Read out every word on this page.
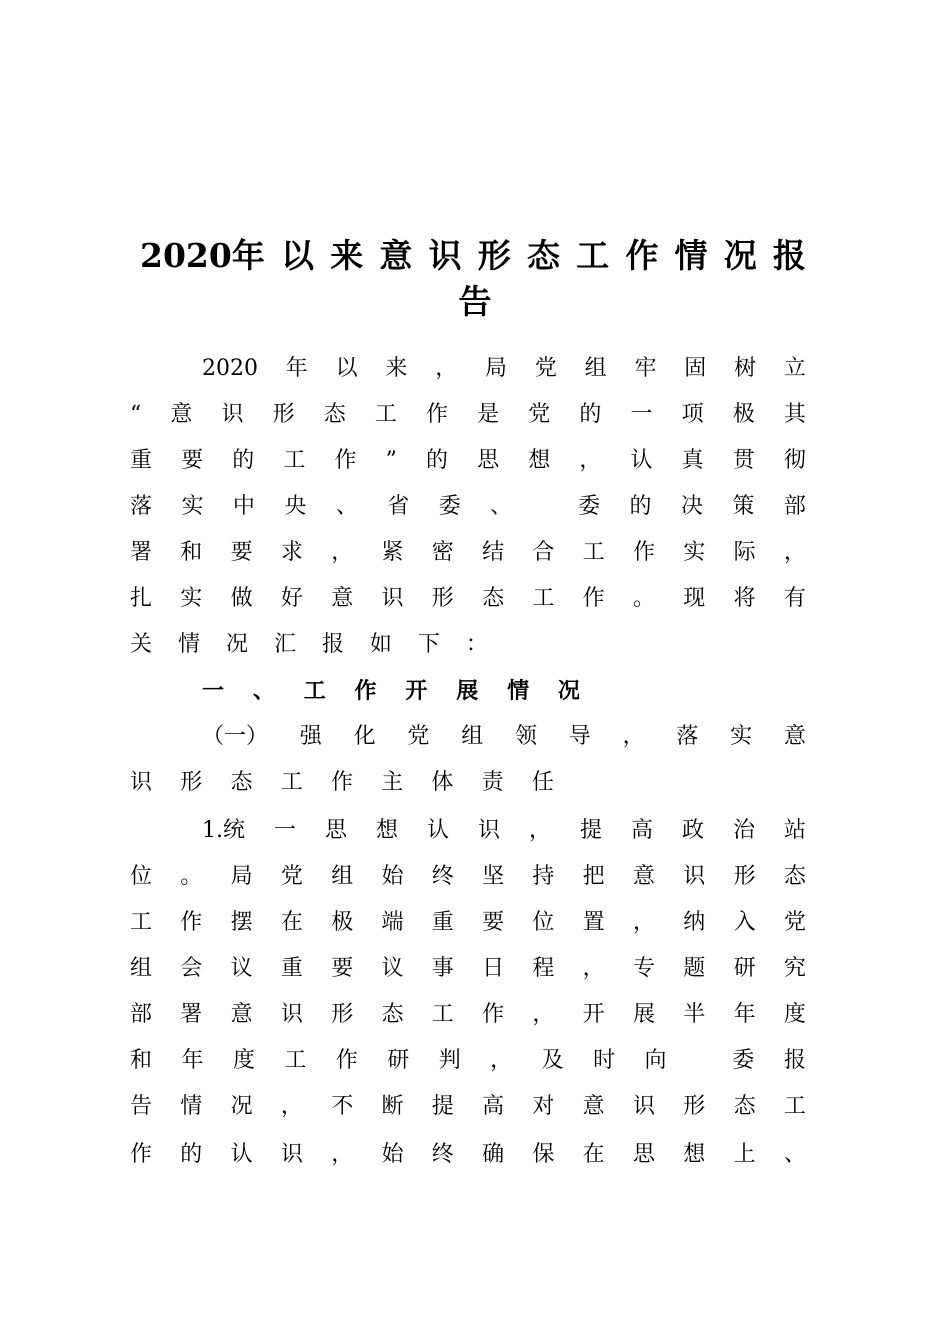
2020年 以 来 意 识 形 态 工 作 情 况 报
告
2020 年 以 来 ， 局 党 组 牢 固 树 立
“ 意 识 形 态 工 作 是 党 的 一 项 极 其
重 要 的 工 作 ” 的 思 想 ， 认 真 贯 彻
落 实 中 央 、 省 委 、
	委 的 决 策 部
署 和 要 求 ， 紧 密 结 合 工 作 实 际 ，
扎 实 做 好 意 识 形 态 工 作 。 现 将 有
关 情 况 汇 报 如 下 ：
一 、 工 作 开 展 情 况
（一） 强 化 党 组 领 导 ， 落 实 意
识 形 态 工 作 主 体 责 任
1.统 一 思 想 认 识 ， 提 高 政 治 站
位 。 局 党 组 始 终 坚 持 把 意 识 形 态
工 作 摆 在 极 端 重 要 位 置 ， 纳 入 党
组 会 议 重 要 议 事 日 程 ， 专 题 研 究
部 署 意 识 形 态 工 作 ， 开 展 半 年 度
和 年 度 工 作 研 判 ， 及 时 向
	委 报
告 情 况 ， 不 断 提 高 对 意 识 形 态 工
作 的 认 识 ， 始 终 确 保 在 思 想 上 、
